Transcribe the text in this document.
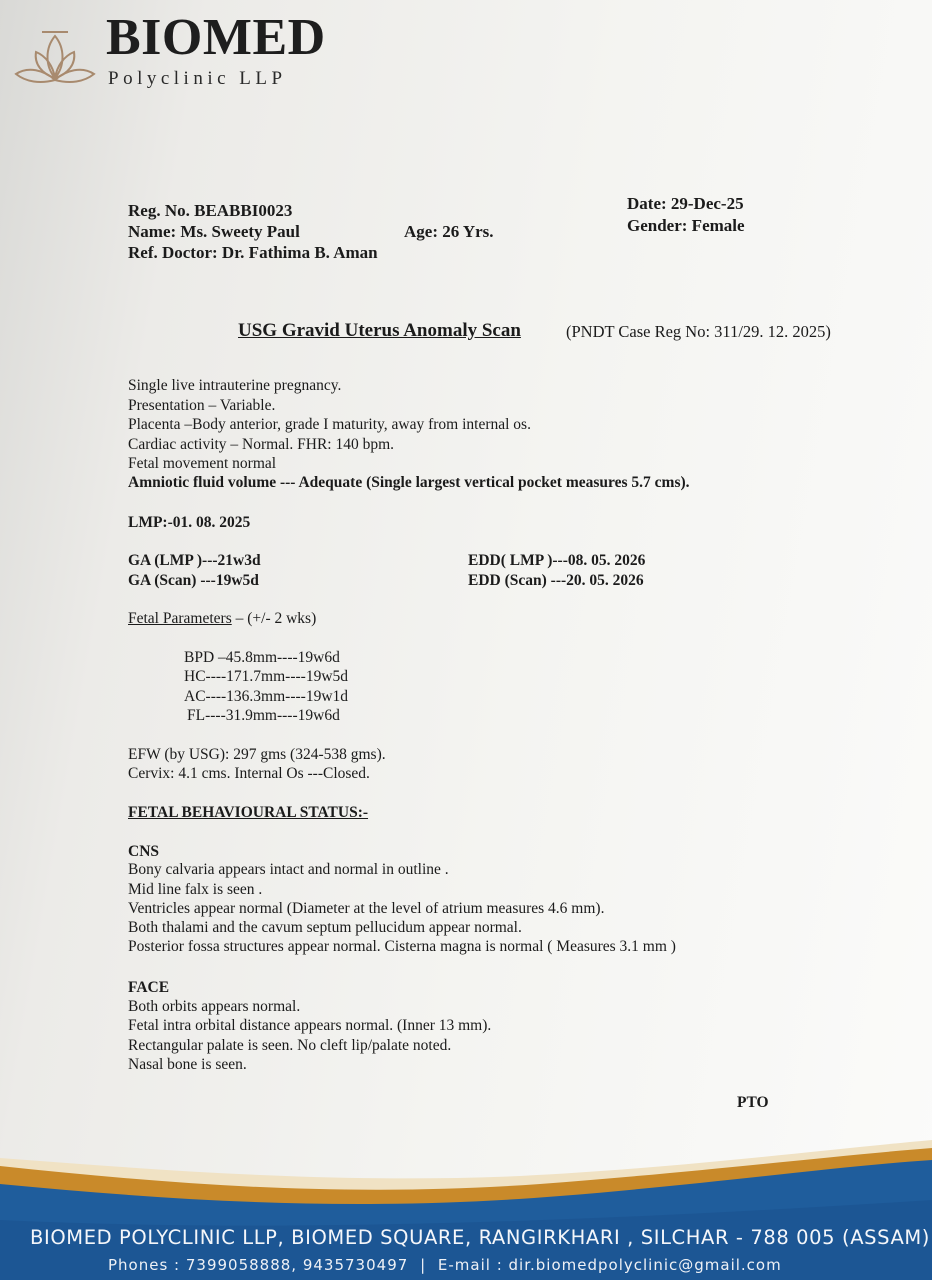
BIOMED
Polyclinic LLP
Reg. No. BEABBI0023
Name: Ms. Sweety Paul	Age: 26 Yrs.
Ref. Doctor: Dr. Fathima B. Aman
Date: 29-Dec-25
Gender: Female
USG Gravid Uterus Anomaly Scan	(PNDT Case Reg No: 311/29. 12. 2025)
Single live intrauterine pregnancy.
Presentation – Variable.
Placenta –Body anterior, grade I maturity, away from internal os.
Cardiac activity – Normal. FHR: 140 bpm.
Fetal movement normal
Amniotic fluid volume --- Adequate (Single largest vertical pocket measures 5.7 cms).
LMP:-01. 08. 2025
GA (LMP )---21w3d
GA (Scan) ---19w5d
EDD( LMP )---08. 05. 2026
EDD (Scan) ---20. 05. 2026
Fetal Parameters – (+/- 2 wks)
BPD –45.8mm----19w6d
HC----171.7mm----19w5d
AC----136.3mm----19w1d
FL----31.9mm----19w6d
EFW (by USG): 297 gms (324-538 gms).
Cervix: 4.1 cms. Internal Os ---Closed.
FETAL BEHAVIOURAL STATUS:-
CNS
Bony calvaria appears intact and normal in outline .
Mid line falx is seen .
Ventricles appear normal (Diameter at the level of atrium measures 4.6 mm).
Both thalami and the cavum septum pellucidum appear normal.
Posterior fossa structures appear normal. Cisterna magna is normal ( Measures 3.1 mm )
FACE
Both orbits appears normal.
Fetal intra orbital distance appears normal. (Inner 13 mm).
Rectangular palate is seen. No cleft lip/palate noted.
Nasal bone is seen.
PTO
BIOMED POLYCLINIC LLP, BIOMED SQUARE, RANGIRKHARI , SILCHAR - 788 005 (ASSAM)
Phones : 7399058888, 9435730497 | E-mail : dir.biomedpolyclinic@gmail.com
